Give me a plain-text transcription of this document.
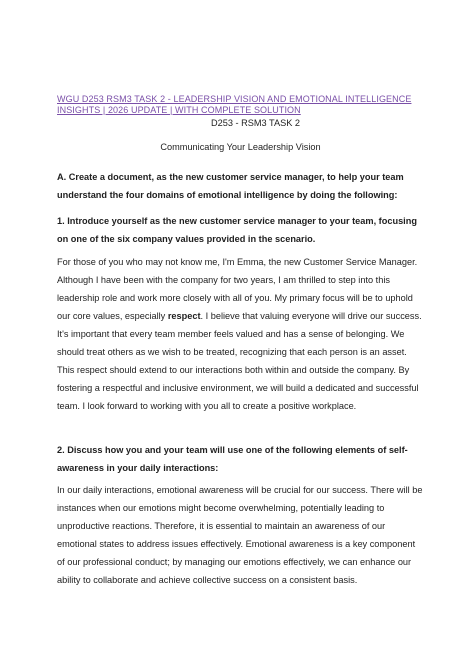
WGU D253 RSM3 TASK 2 - LEADERSHIP VISION AND EMOTIONAL INTELLIGENCE INSIGHTS | 2026 UPDATE | WITH COMPLETE SOLUTION

D253 - RSM3 TASK 2

Communicating Your Leadership Vision

A. Create a document, as the new customer service manager, to help your team understand the four domains of emotional intelligence by doing the following:

1. Introduce yourself as the new customer service manager to your team, focusing on one of the six company values provided in the scenario.

For those of you who may not know me, I'm Emma, the new Customer Service Manager. Although I have been with the company for two years, I am thrilled to step into this leadership role and work more closely with all of you. My primary focus will be to uphold our core values, especially respect. I believe that valuing everyone will drive our success. It's important that every team member feels valued and has a sense of belonging. We should treat others as we wish to be treated, recognizing that each person is an asset. This respect should extend to our interactions both within and outside the company. By fostering a respectful and inclusive environment, we will build a dedicated and successful team. I look forward to working with you all to create a positive workplace.

2. Discuss how you and your team will use one of the following elements of self-awareness in your daily interactions:

In our daily interactions, emotional awareness will be crucial for our success. There will be instances when our emotions might become overwhelming, potentially leading to unproductive reactions. Therefore, it is essential to maintain an awareness of our emotional states to address issues effectively. Emotional awareness is a key component of our professional conduct; by managing our emotions effectively, we can enhance our ability to collaborate and achieve collective success on a consistent basis.
